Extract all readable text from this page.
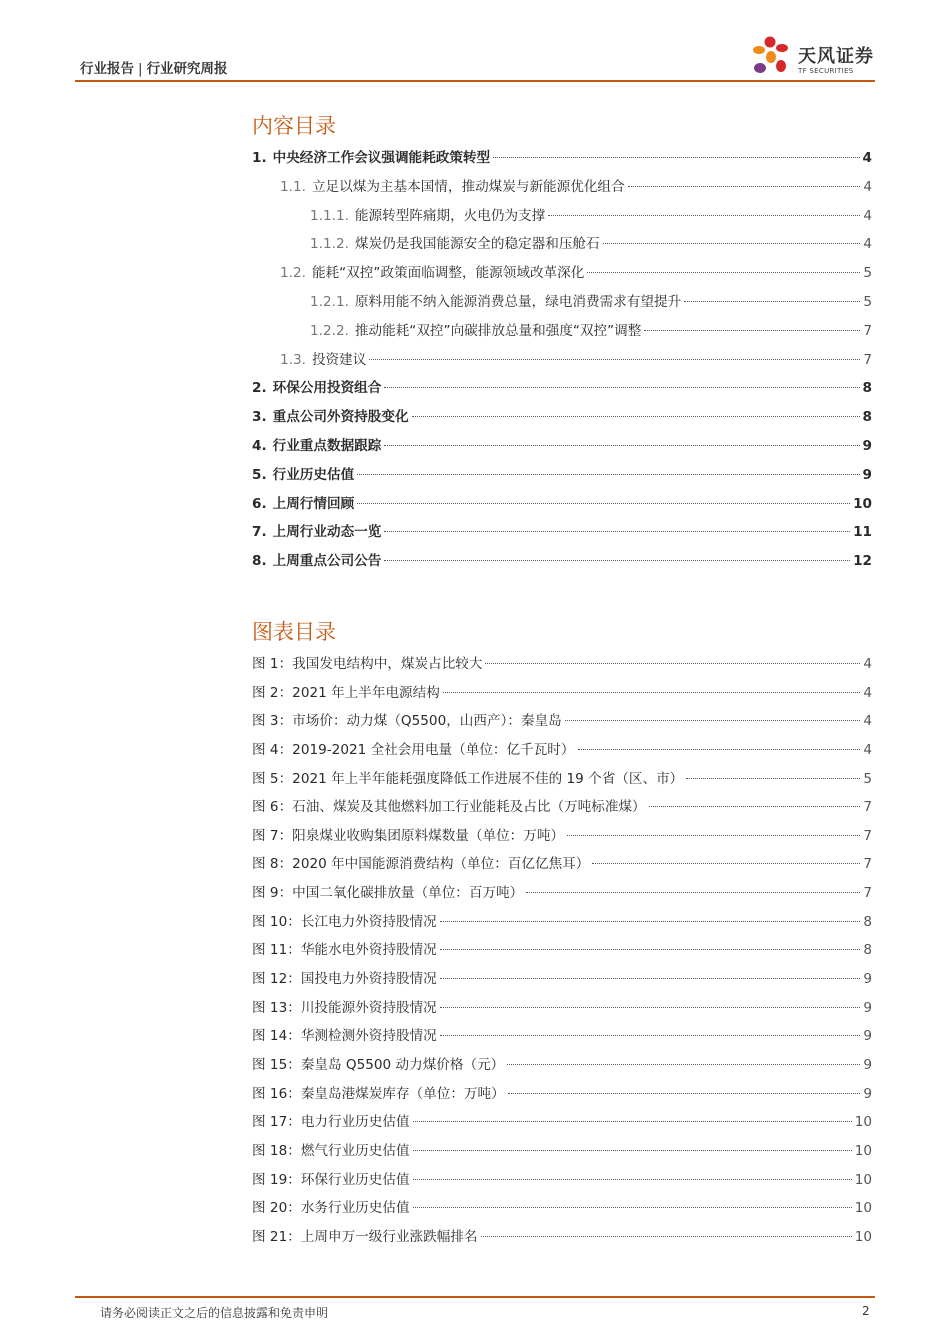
行业报告 | 行业研究周报
天风证券
TF SECURITIES
内容目录
1. 中央经济工作会议强调能耗政策转型	4
1.1. 立足以煤为主基本国情，推动煤炭与新能源优化组合	4
1.1.1. 能源转型阵痛期，火电仍为支撑	4
1.1.2. 煤炭仍是我国能源安全的稳定器和压舱石	4
1.2. 能耗“双控”政策面临调整，能源领域改革深化	5
1.2.1. 原料用能不纳入能源消费总量，绿电消费需求有望提升	5
1.2.2. 推动能耗“双控”向碳排放总量和强度“双控”调整	7
1.3. 投资建议	7
2. 环保公用投资组合	8
3. 重点公司外资持股变化	8
4. 行业重点数据跟踪	9
5. 行业历史估值	9
6. 上周行情回顾	10
7. 上周行业动态一览	11
8. 上周重点公司公告	12
图表目录
图 1： 我国发电结构中，煤炭占比较大	4
图 2： 2021 年上半年电源结构	4
图 3： 市场价：动力煤（Q5500，山西产）：秦皇岛	4
图 4： 2019-2021 全社会用电量（单位：亿千瓦时）	4
图 5： 2021 年上半年能耗强度降低工作进展不佳的 19 个省（区、市）	5
图 6： 石油、煤炭及其他燃料加工行业能耗及占比（万吨标准煤）	7
图 7： 阳泉煤业收购集团原料煤数量（单位：万吨）	7
图 8： 2020 年中国能源消费结构（单位：百亿亿焦耳）	7
图 9： 中国二氧化碳排放量（单位：百万吨）	7
图 10： 长江电力外资持股情况	8
图 11： 华能水电外资持股情况	8
图 12： 国投电力外资持股情况	9
图 13： 川投能源外资持股情况	9
图 14： 华测检测外资持股情况	9
图 15： 秦皇岛 Q5500 动力煤价格（元）	9
图 16： 秦皇岛港煤炭库存（单位：万吨）	9
图 17： 电力行业历史估值	10
图 18： 燃气行业历史估值	10
图 19： 环保行业历史估值	10
图 20： 水务行业历史估值	10
图 21： 上周申万一级行业涨跌幅排名	10
请务必阅读正文之后的信息披露和免责申明	2
